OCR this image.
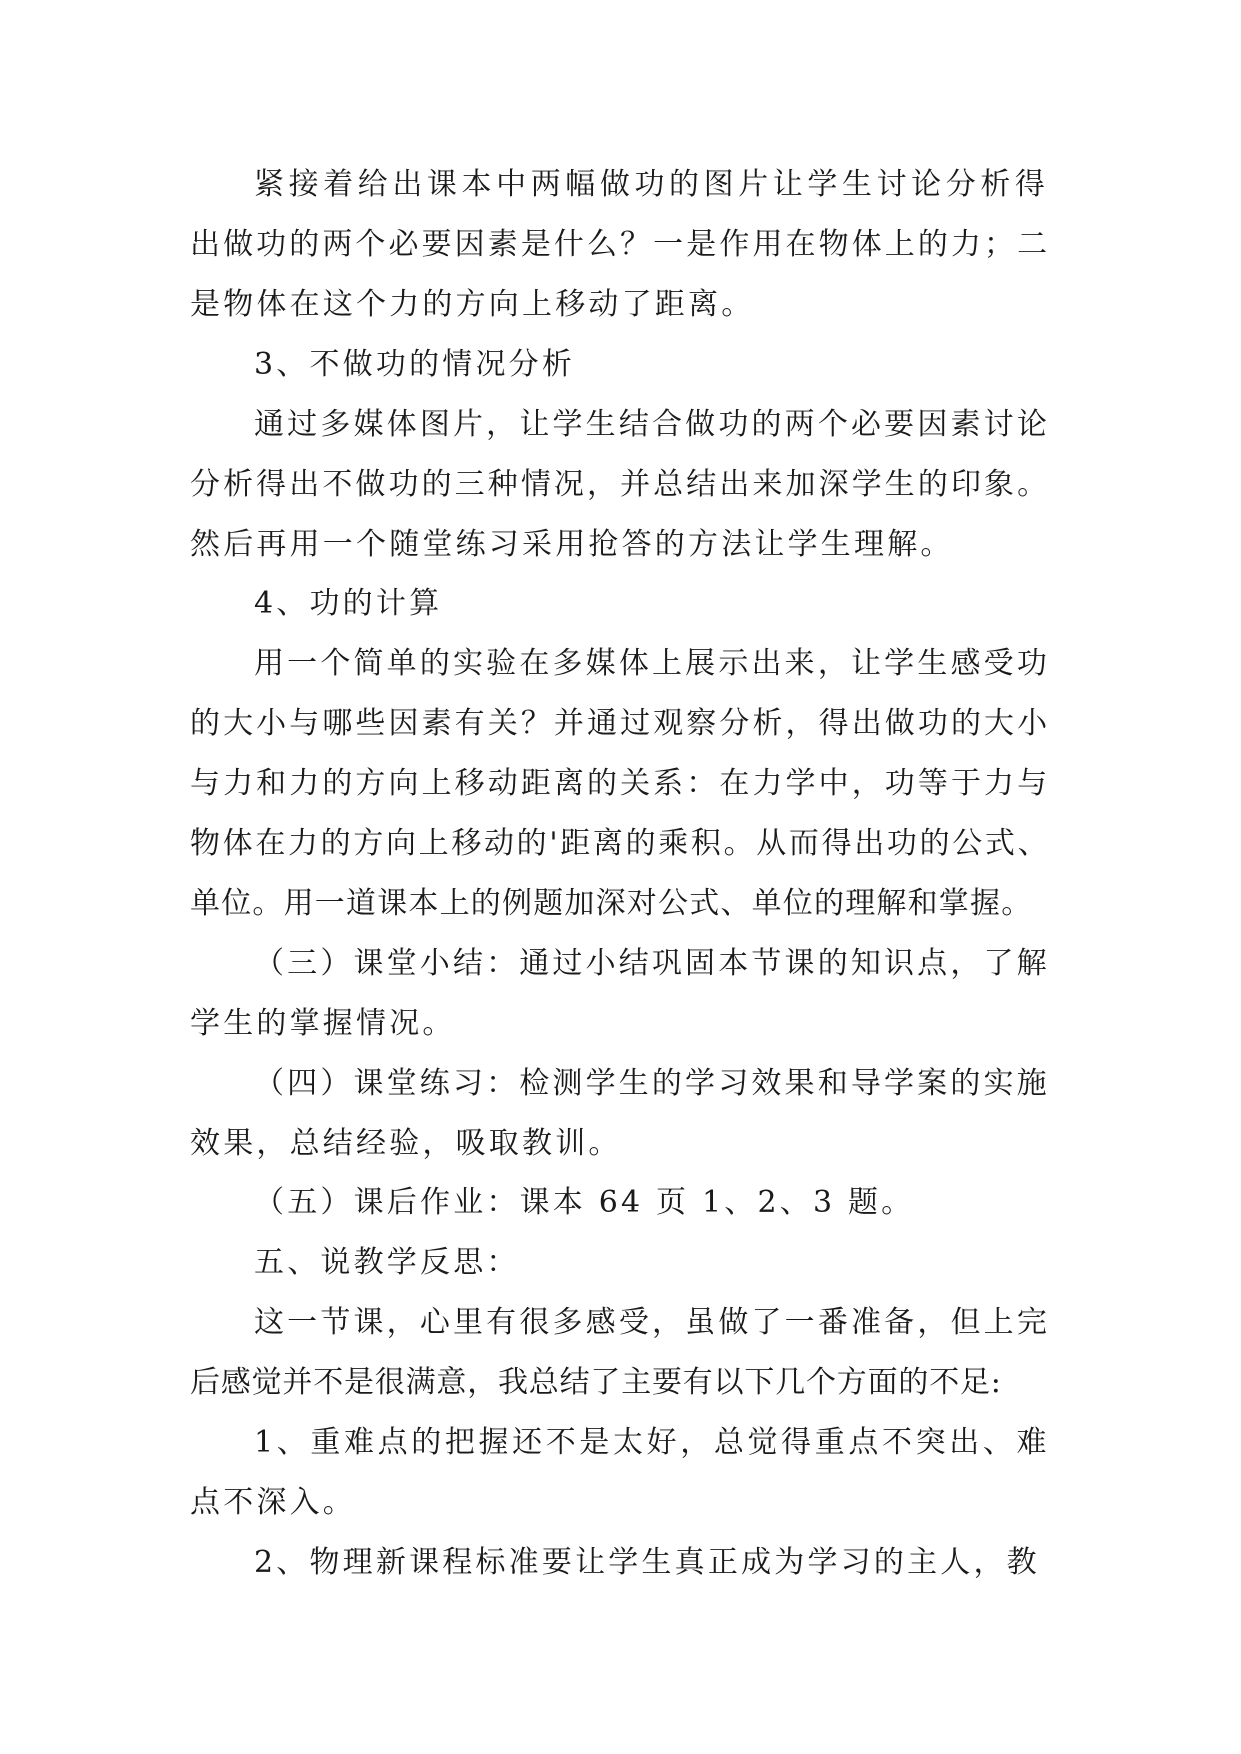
紧接着给出课本中两幅做功的图片让学生讨论分析得
出做功的两个必要因素是什么？一是作用在物体上的力；二
是物体在这个力的方向上移动了距离。
3、不做功的情况分析
通过多媒体图片，让学生结合做功的两个必要因素讨论
分析得出不做功的三种情况，并总结出来加深学生的印象。
然后再用一个随堂练习采用抢答的方法让学生理解。
4、功的计算
用一个简单的实验在多媒体上展示出来，让学生感受功
的大小与哪些因素有关？并通过观察分析，得出做功的大小
与力和力的方向上移动距离的关系：在力学中，功等于力与
物体在力的方向上移动的'距离的乘积。从而得出功的公式、
单位。用一道课本上的例题加深对公式、单位的理解和掌握。
（三）课堂小结：通过小结巩固本节课的知识点，了解
学生的掌握情况。
（四）课堂练习：检测学生的学习效果和导学案的实施
效果，总结经验，吸取教训。
（五）课后作业：课本 64 页 1、2、3 题。
五、说教学反思：
这一节课，心里有很多感受，虽做了一番准备，但上完
后感觉并不是很满意，我总结了主要有以下几个方面的不足:
1、重难点的把握还不是太好，总觉得重点不突出、难
点不深入。
2、物理新课程标准要让学生真正成为学习的主人，教
